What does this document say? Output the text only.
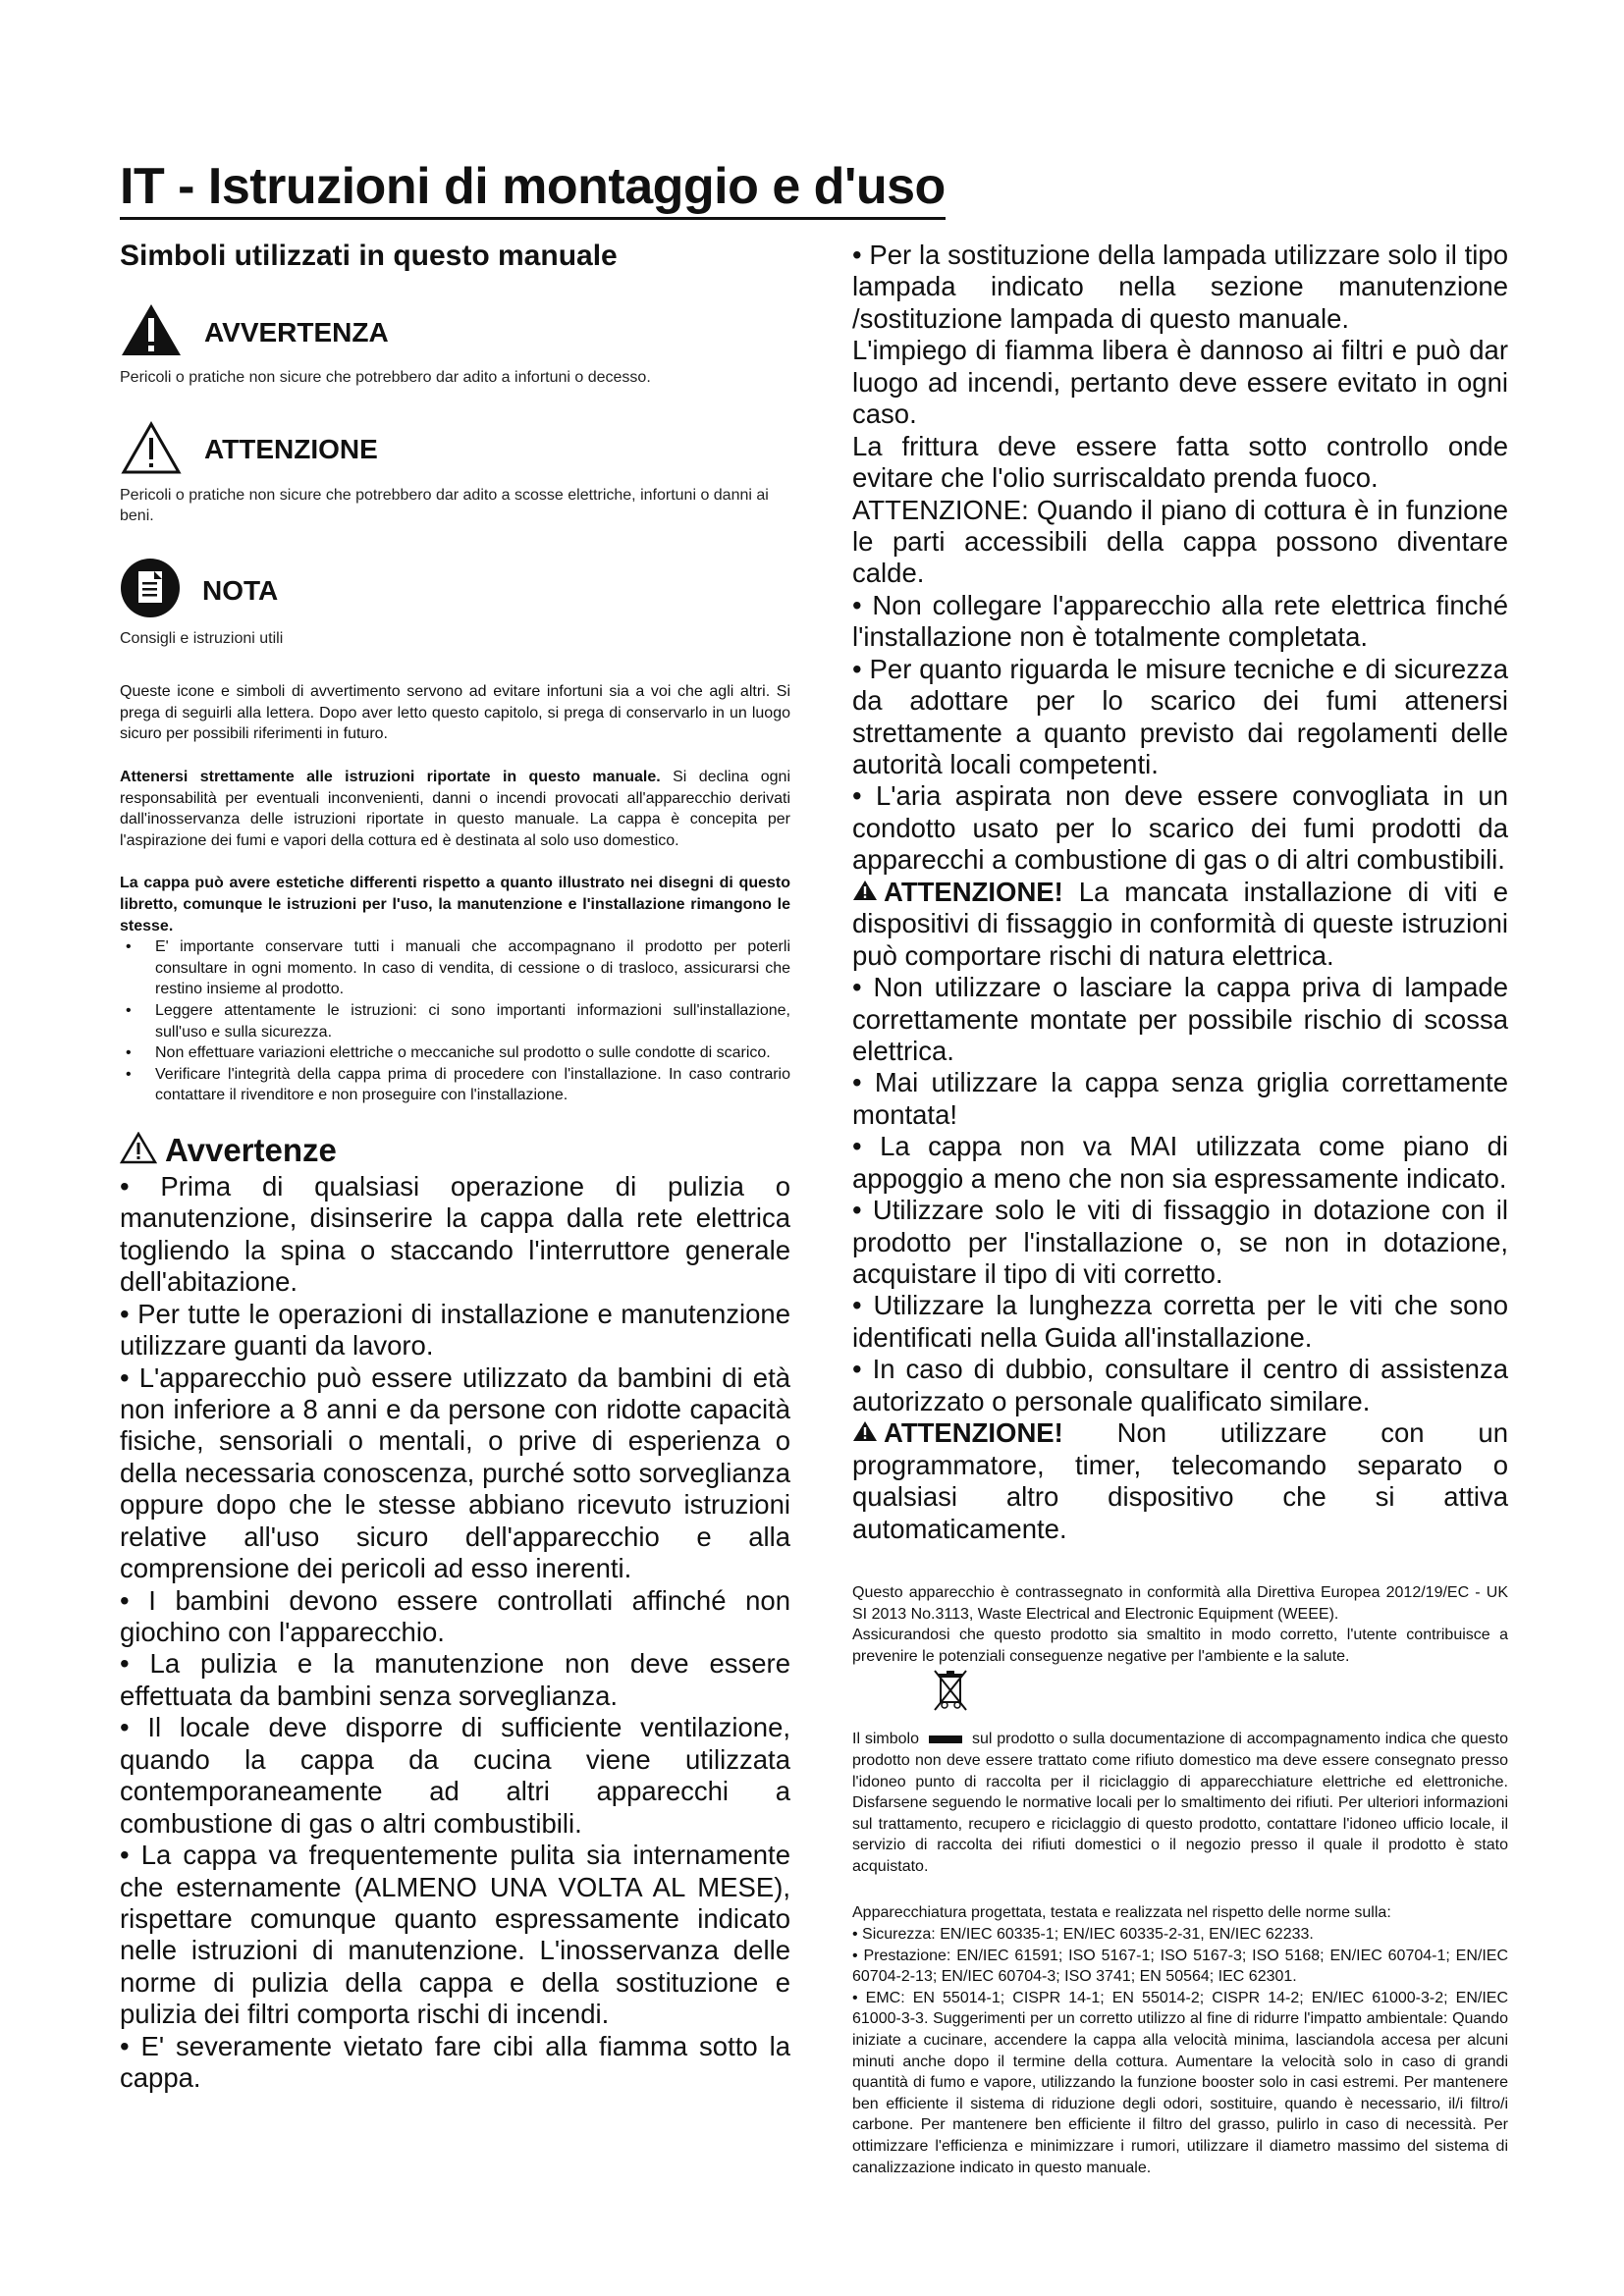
IT - Istruzioni di montaggio e d'uso
Simboli utilizzati in questo manuale
AVVERTENZA
Pericoli o pratiche non sicure che potrebbero dar adito a infortuni o decesso.
ATTENZIONE
Pericoli o pratiche non sicure che potrebbero dar adito a scosse elettriche, infortuni o danni ai beni.
NOTA
Consigli e istruzioni utili

Queste icone e simboli di avvertimento servono ad evitare infortuni sia a voi che agli altri. Si prega di seguirli alla lettera. Dopo aver letto questo capitolo, si prega di conservarlo in un luogo sicuro per possibili riferimenti in futuro.

Attenersi strettamente alle istruzioni riportate in questo manuale. Si declina ogni responsabilità per eventuali inconvenienti, danni o incendi provocati all'apparecchio derivati dall'inosservanza delle istruzioni riportate in questo manuale. La cappa è concepita per l'aspirazione dei fumi e vapori della cottura ed è destinata al solo uso domestico.

La cappa può avere estetiche differenti rispetto a quanto illustrato nei disegni di questo libretto, comunque le istruzioni per l'uso, la manutenzione e l'installazione rimangono le stesse.

• E' importante conservare tutti i manuali che accompagnano il prodotto per poterli consultare in ogni momento. In caso di vendita, di cessione o di trasloco, assicurarsi che restino insieme al prodotto.
• Leggere attentamente le istruzioni: ci sono importanti informazioni sull'installazione, sull'uso e sulla sicurezza.
• Non effettuare variazioni elettriche o meccaniche sul prodotto o sulle condotte di scarico.
• Verificare l'integrità della cappa prima di procedere con l'installazione. In caso contrario contattare il rivenditore e non proseguire con l'installazione.
Avvertenze

• Prima di qualsiasi operazione di pulizia o manutenzione, disinserire la cappa dalla rete elettrica togliendo la spina o staccando l'interruttore generale dell'abitazione.

• Per tutte le operazioni di installazione e manutenzione utilizzare guanti da lavoro.

• L'apparecchio può essere utilizzato da bambini di età non inferiore a 8 anni e da persone con ridotte capacità fisiche, sensoriali o mentali, o prive di esperienza o della necessaria conoscenza, purché sotto sorveglianza oppure dopo che le stesse abbiano ricevuto istruzioni relative all'uso sicuro dell'apparecchio e alla comprensione dei pericoli ad esso inerenti.

• I bambini devono essere controllati affinché non giochino con l'apparecchio.

• La pulizia e la manutenzione non deve essere effettuata da bambini senza sorveglianza.

• Il locale deve disporre di sufficiente ventilazione, quando la cappa da cucina viene utilizzata contemporaneamente ad altri apparecchi a combustione di gas o altri combustibili.

• La cappa va frequentemente pulita sia internamente che esternamente (ALMENO UNA VOLTA AL MESE), rispettare comunque quanto espressamente indicato nelle istruzioni di manutenzione. L'inosservanza delle norme di pulizia della cappa e della sostituzione e pulizia dei filtri comporta rischi di incendi.

• E' severamente vietato fare cibi alla fiamma sotto la cappa.

• Per la sostituzione della lampada utilizzare solo il tipo lampada indicato nella sezione manutenzione /sostituzione lampada di questo manuale.

L'impiego di fiamma libera è dannoso ai filtri e può dar luogo ad incendi, pertanto deve essere evitato in ogni caso.

La frittura deve essere fatta sotto controllo onde evitare che l'olio surriscaldato prenda fuoco.

ATTENZIONE: Quando il piano di cottura è in funzione le parti accessibili della cappa possono diventare calde.

• Non collegare l'apparecchio alla rete elettrica finché l'installazione non è totalmente completata.

• Per quanto riguarda le misure tecniche e di sicurezza da adottare per lo scarico dei fumi attenersi strettamente a quanto previsto dai regolamenti delle autorità locali competenti.

• L'aria aspirata non deve essere convogliata in un condotto usato per lo scarico dei fumi prodotti da apparecchi a combustione di gas o di altri combustibili.

ATTENZIONE! La mancata installazione di viti e dispositivi di fissaggio in conformità di queste istruzioni può comportare rischi di natura elettrica.

• Non utilizzare o lasciare la cappa priva di lampade correttamente montate per possibile rischio di scossa elettrica.

• Mai utilizzare la cappa senza griglia correttamente montata!

• La cappa non va MAI utilizzata come piano di appoggio a meno che non sia espressamente indicato.

• Utilizzare solo le viti di fissaggio in dotazione con il prodotto per l'installazione o, se non in dotazione, acquistare il tipo di viti corretto.

• Utilizzare la lunghezza corretta per le viti che sono identificati nella Guida all'installazione.

• In caso di dubbio, consultare il centro di assistenza autorizzato o personale qualificato similare.

ATTENZIONE! Non utilizzare con un programmatore, timer, telecomando separato o qualsiasi altro dispositivo che si attiva automaticamente.

Questo apparecchio è contrassegnato in conformità alla Direttiva Europea 2012/19/EC - UK SI 2013 No.3113, Waste Electrical and Electronic Equipment (WEEE).

Assicurandosi che questo prodotto sia smaltito in modo corretto, l'utente contribuisce a prevenire le potenziali conseguenze negative per l'ambiente e la salute.

Il simbolo	sul prodotto o sulla documentazione di accompagnamento indica che questo prodotto non deve essere trattato come rifiuto domestico ma deve essere consegnato presso l'idoneo punto di raccolta per il riciclaggio di apparecchiature elettriche ed elettroniche. Disfarsene seguendo le normative locali per lo smaltimento dei rifiuti. Per ulteriori informazioni sul trattamento, recupero e riciclaggio di questo prodotto, contattare l'idoneo ufficio locale, il servizio di raccolta dei rifiuti domestici o il negozio presso il quale il prodotto è stato acquistato.

Apparecchiatura progettata, testata e realizzata nel rispetto delle norme sulla:

• Sicurezza: EN/IEC 60335-1; EN/IEC 60335-2-31, EN/IEC 62233.

• Prestazione: EN/IEC 61591; ISO 5167-1; ISO 5167-3; ISO 5168; EN/IEC 60704-1; EN/IEC 60704-2-13; EN/IEC 60704-3; ISO 3741; EN 50564; IEC 62301.

• EMC: EN 55014-1; CISPR 14-1; EN 55014-2; CISPR 14-2; EN/IEC 61000-3-2; EN/IEC 61000-3-3. Suggerimenti per un corretto utilizzo al fine di ridurre l'impatto ambientale: Quando iniziate a cucinare, accendere la cappa alla velocità minima, lasciandola accesa per alcuni minuti anche dopo il termine della cottura. Aumentare la velocità solo in caso di grandi quantità di fumo e vapore, utilizzando la funzione booster solo in casi estremi. Per mantenere ben efficiente il sistema di riduzione degli odori, sostituire, quando è necessario, il/i filtro/i carbone. Per mantenere ben efficiente il filtro del grasso, pulirlo in caso di necessità. Per ottimizzare l'efficienza e minimizzare i rumori, utilizzare il diametro massimo del sistema di canalizzazione indicato in questo manuale.
